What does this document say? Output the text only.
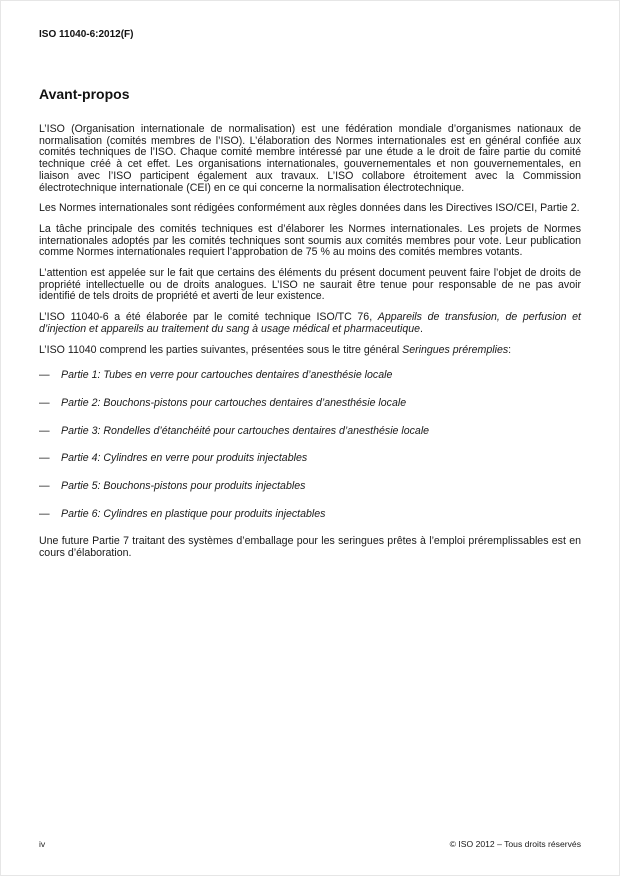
ISO 11040-6:2012(F)
Avant-propos

L’ISO (Organisation internationale de normalisation) est une fédération mondiale d’organismes nationaux de normalisation (comités membres de l’ISO). L’élaboration des Normes internationales est en général confiée aux comités techniques de l’ISO. Chaque comité membre intéressé par une étude a le droit de faire partie du comité technique créé à cet effet. Les organisations internationales, gouvernementales et non gouvernementales, en liaison avec l’ISO participent également aux travaux. L’ISO collabore étroitement avec la Commission électrotechnique internationale (CEI) en ce qui concerne la normalisation électrotechnique.

Les Normes internationales sont rédigées conformément aux règles données dans les Directives ISO/CEI, Partie 2.

La tâche principale des comités techniques est d’élaborer les Normes internationales. Les projets de Normes internationales adoptés par les comités techniques sont soumis aux comités membres pour vote. Leur publication comme Normes internationales requiert l’approbation de 75 % au moins des comités membres votants.

L’attention est appelée sur le fait que certains des éléments du présent document peuvent faire l’objet de droits de propriété intellectuelle ou de droits analogues. L’ISO ne saurait être tenue pour responsable de ne pas avoir identifié de tels droits de propriété et averti de leur existence.

L’ISO 11040-6 a été élaborée par le comité technique ISO/TC 76, Appareils de transfusion, de perfusion et d’injection et appareils au traitement du sang à usage médical et pharmaceutique.

L’ISO 11040 comprend les parties suivantes, présentées sous le titre général Seringues préremplies:

—	Partie 1: Tubes en verre pour cartouches dentaires d’anesthésie locale
—	Partie 2: Bouchons-pistons pour cartouches dentaires d’anesthésie locale
—	Partie 3: Rondelles d’étanchéité pour cartouches dentaires d’anesthésie locale
—	Partie 4: Cylindres en verre pour produits injectables
—	Partie 5: Bouchons-pistons pour produits injectables
—	Partie 6: Cylindres en plastique pour produits injectables

Une future Partie 7 traitant des systèmes d’emballage pour les seringues prêtes à l’emploi préremplissables est en cours d’élaboration.

iv	© ISO 2012 – Tous droits réservés
